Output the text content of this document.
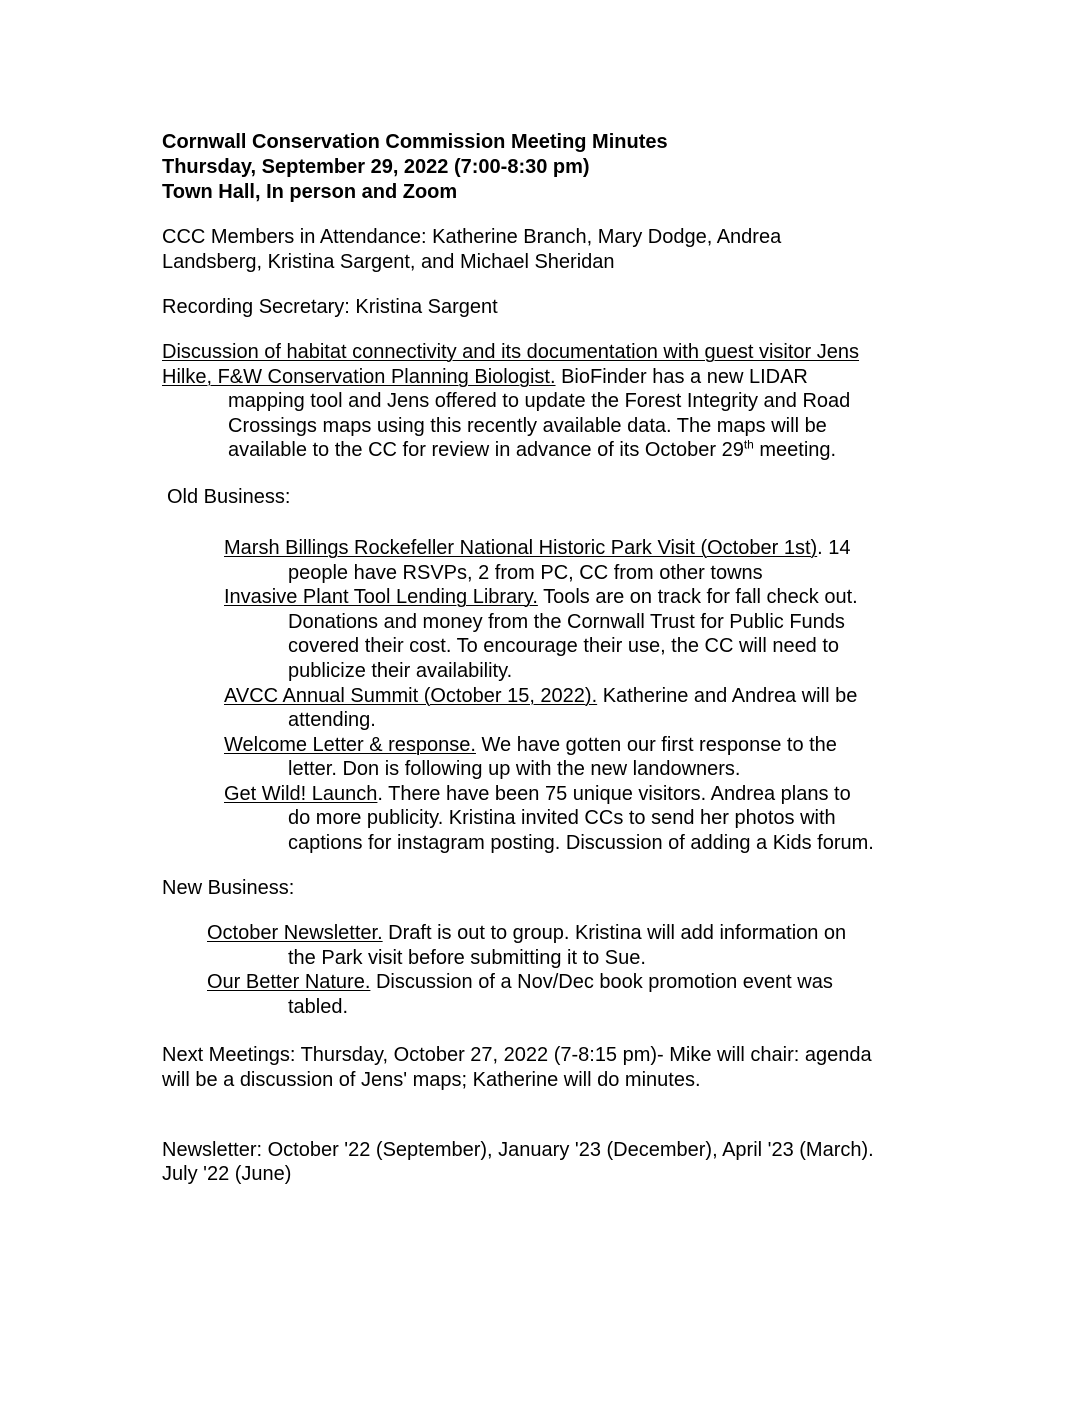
Cornwall Conservation Commission Meeting Minutes
Thursday, September 29, 2022 (7:00-8:30 pm)
Town Hall, In person and Zoom
CCC Members in Attendance: Katherine Branch, Mary Dodge, Andrea
Landsberg, Kristina Sargent, and Michael Sheridan
Recording Secretary: Kristina Sargent
Discussion of habitat connectivity and its documentation with guest visitor Jens
Hilke, F&W Conservation Planning Biologist. BioFinder has a new LIDAR
mapping tool and Jens offered to update the Forest Integrity and Road
Crossings maps using this recently available data. The maps will be
available to the CC for review in advance of its October 29th meeting.
Old Business:
Marsh Billings Rockefeller National Historic Park Visit (October 1st). 14
people have RSVPs, 2 from PC, CC from other towns
Invasive Plant Tool Lending Library. Tools are on track for fall check out.
Donations and money from the Cornwall Trust for Public Funds
covered their cost. To encourage their use, the CC will need to
publicize their availability.
AVCC Annual Summit (October 15, 2022). Katherine and Andrea will be
attending.
Welcome Letter & response. We have gotten our first response to the
letter. Don is following up with the new landowners.
Get Wild! Launch. There have been 75 unique visitors. Andrea plans to
do more publicity. Kristina invited CCs to send her photos with
captions for instagram posting. Discussion of adding a Kids forum.
New Business:
October Newsletter. Draft is out to group. Kristina will add information on
the Park visit before submitting it to Sue.
Our Better Nature. Discussion of a Nov/Dec book promotion event was
tabled.
Next Meetings: Thursday, October 27, 2022 (7-8:15 pm)- Mike will chair: agenda
will be a discussion of Jens' maps; Katherine will do minutes.
Newsletter: October '22 (September), January '23 (December), April '23 (March).
July '22 (June)
